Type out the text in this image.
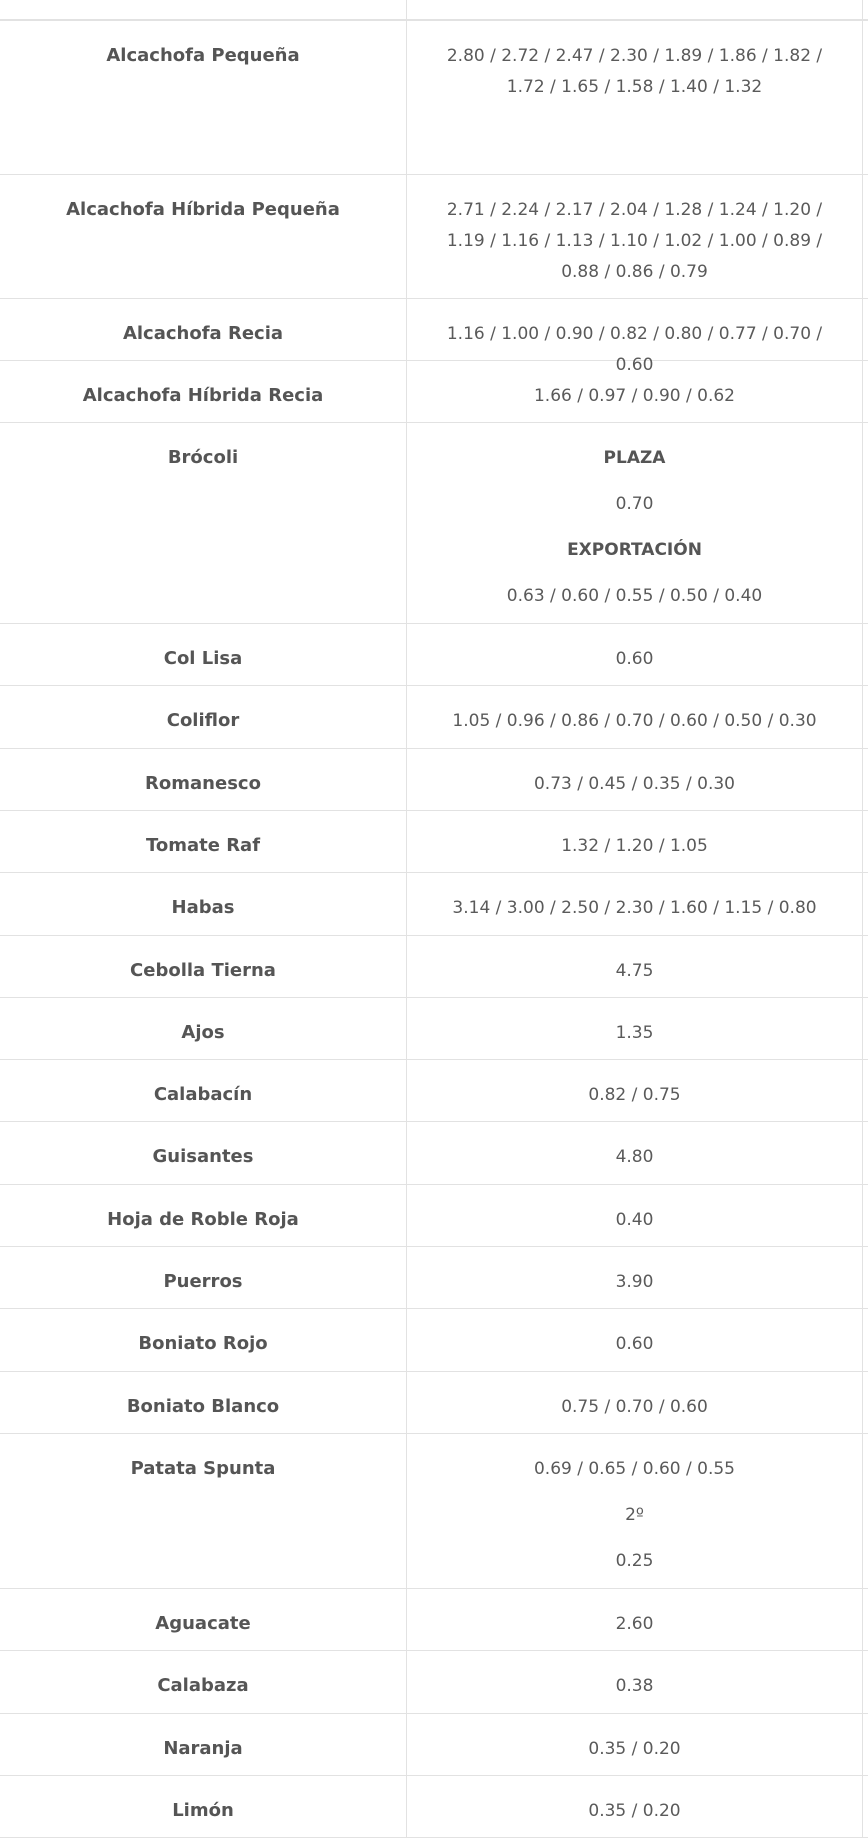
Alcachofa Pequeña	2.80 / 2.72 / 2.47 / 2.30 / 1.89 / 1.86 / 1.82 / 1.72 / 1.65 / 1.58 / 1.40 / 1.32
Alcachofa Híbrida Pequeña	2.71 / 2.24 / 2.17 / 2.04 / 1.28 / 1.24 / 1.20 / 1.19 / 1.16 / 1.13 / 1.10 / 1.02 / 1.00 / 0.89 / 0.88 / 0.86 / 0.79
Alcachofa Recia	1.16 / 1.00 / 0.90 / 0.82 / 0.80 / 0.77 / 0.70 / 0.60
Alcachofa Híbrida Recia	1.66 / 0.97 / 0.90 / 0.62
Brócoli	PLAZA

0.70

EXPORTACIÓN

0.63 / 0.60 / 0.55 / 0.50 / 0.40

Col Lisa	0.60
Coliflor	1.05 / 0.96 / 0.86 / 0.70 / 0.60 / 0.50 / 0.30
Romanesco	0.73 / 0.45 / 0.35 / 0.30
Tomate Raf	1.32 / 1.20 / 1.05
Habas	3.14 / 3.00 / 2.50 / 2.30 / 1.60 / 1.15 / 0.80
Cebolla Tierna	4.75
Ajos	1.35
Calabacín	0.82 / 0.75
Guisantes	4.80
Hoja de Roble Roja	0.40
Puerros	3.90
Boniato Rojo	0.60
Boniato Blanco	0.75 / 0.70 / 0.60
Patata Spunta	0.69 / 0.65 / 0.60 / 0.55

2º

0.25

Aguacate	2.60
Calabaza	0.38
Naranja	0.35 / 0.20
Limón	0.35 / 0.20
